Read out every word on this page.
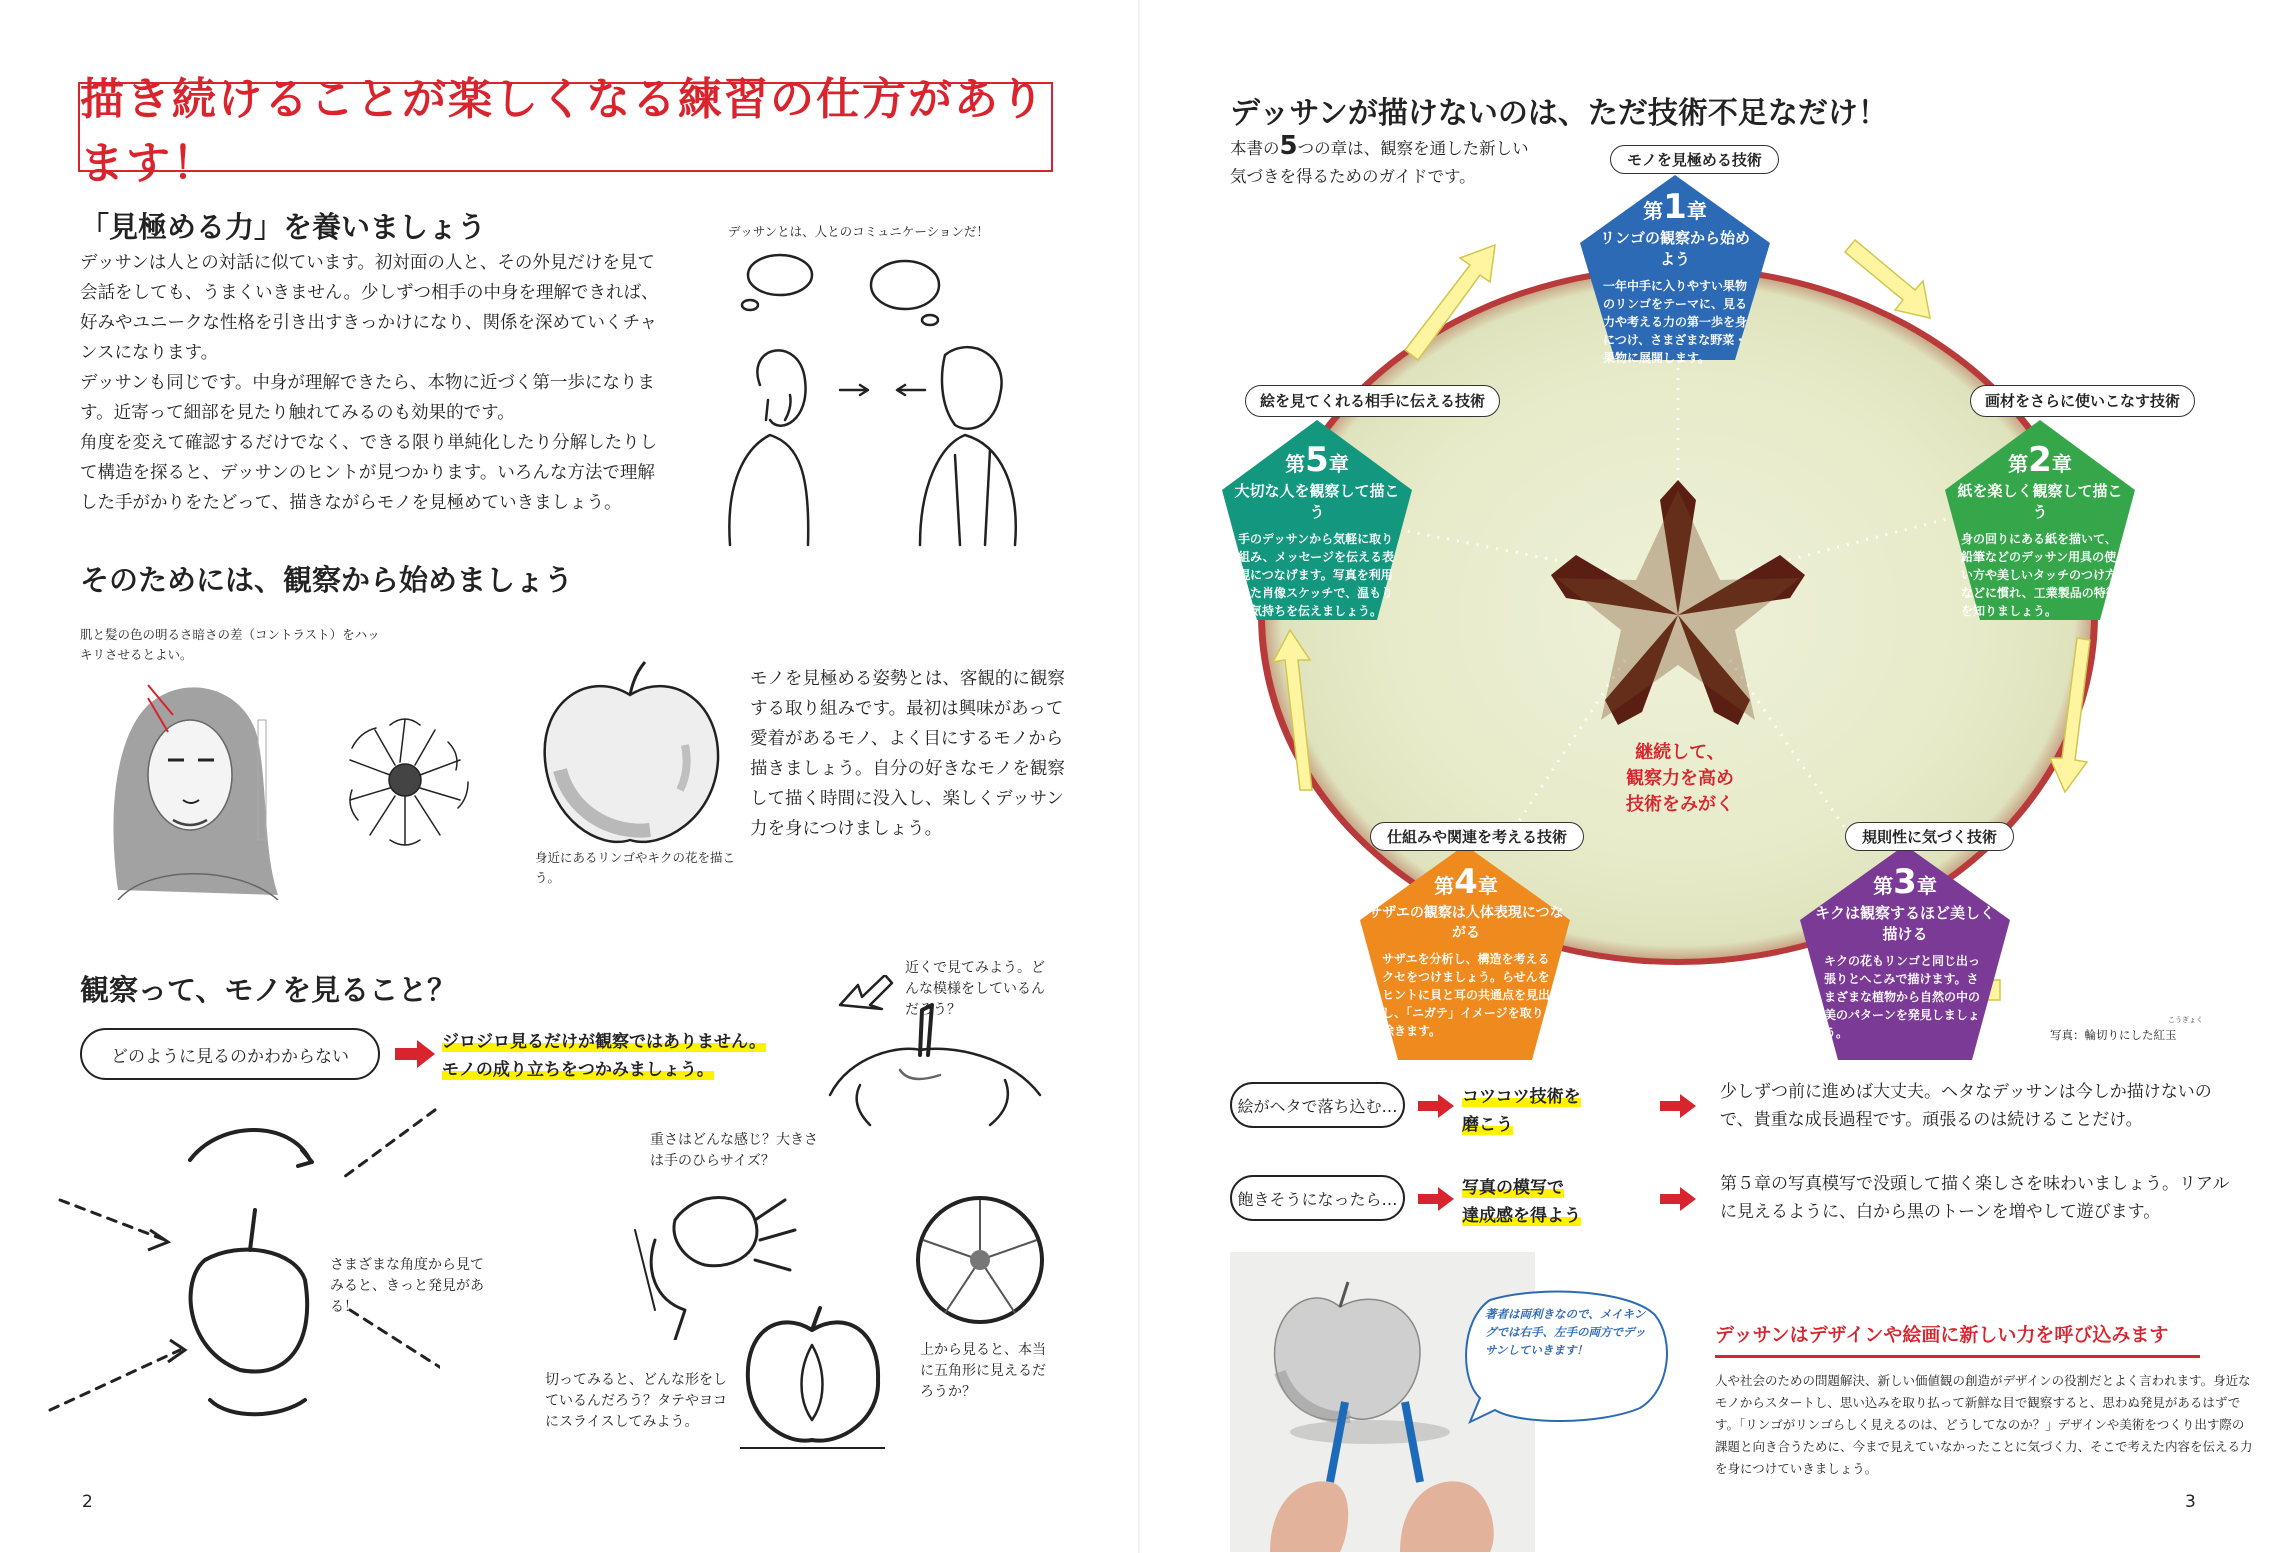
描き続けることが楽しくなる練習の仕方があります！
「見極める力」を養いましょう

デッサンは人との対話に似ています。初対面の人と、その外見だけを見て会話をしても、うまくいきません。少しずつ相手の中身を理解できれば、好みやユニークな性格を引き出すきっかけになり、関係を深めていくチャンスになります。

デッサンも同じです。中身が理解できたら、本物に近づく第一歩になります。近寄って細部を見たり触れてみるのも効果的です。

角度を変えて確認するだけでなく、できる限り単純化したり分解したりして構造を探ると、デッサンのヒントが見つかります。いろんな方法で理解した手がかりをたどって、描きながらモノを見極めていきましょう。

デッサンとは、人とのコミュニケーションだ！
そのためには、観察から始めましょう
肌と髪の色の明るさ暗さの差（コントラスト）をハッキリさせるとよい。
身近にあるリンゴやキクの花を描こう。
モノを見極める姿勢とは、客観的に観察する取り組みです。最初は興味があって愛着があるモノ、よく目にするモノから描きましょう。自分の好きなモノを観察して描く時間に没入し、楽しくデッサン力を身につけましょう。
観察って、モノを見ること？
どのように見るのかわからない
ジロジロ見るだけが観察ではありません。
モノの成り立ちをつかみましょう。
近くで見てみよう。どんな模様をしているんだろう？
さまざまな角度から見てみると、きっと発見がある！
重さはどんな感じ？大きさは手のひらサイズ？
上から見ると、本当に五角形に見えるだろうか？
切ってみると、どんな形をしているんだろう？タテやヨコにスライスしてみよう。
2
デッサンが描けないのは、ただ技術不足なだけ！
本書の5つの章は、観察を通した新しい気づきを得るためのガイドです。
モノを見極める技術
第1章
リンゴの観察から始めよう
一年中手に入りやすい果物のリンゴをテーマに、見る力や考える力の第一歩を身につけ、さまざまな野菜・果物に展開します。
画材をさらに使いこなす技術
第2章
紙を楽しく観察して描こう
身の回りにある紙を描いて、鉛筆などのデッサン用具の使い方や美しいタッチのつけ方などに慣れ、工業製品の特徴を知りましょう。
規則性に気づく技術
第3章
キクは観察するほど美しく描ける
キクの花もリンゴと同じ出っ張りとへこみで描けます。さまざまな植物から自然の中の美のパターンを発見しましょう。
仕組みや関連を考える技術
第4章
サザエの観察は人体表現につながる
サザエを分析し、構造を考えるクセをつけましょう。らせんをヒントに貝と耳の共通点を見出し、「ニガテ」イメージを取り除きます。
絵を見てくれる相手に伝える技術
第5章
大切な人を観察して描こう
手のデッサンから気軽に取り組み、メッセージを伝える表現につなげます。写真を利用した肖像スケッチで、温もりや気持ちを伝えましょう。
継続して、
観察力を高め
技術をみがく
写真：輪切りにした紅玉
こうぎょく
絵がヘタで落ち込む…	コツコツ技術を
磨こう
少しずつ前に進めば大丈夫。ヘタなデッサンは今しか描けないので、貴重な成長過程です。頑張るのは続けることだけ。
飽きそうになったら…
写真の模写で
達成感を得よう
第５章の写真模写で没頭して描く楽しさを味わいましょう。リアルに見えるように、白から黒のトーンを増やして遊びます。
著者は両利きなので、メイキングでは右手、左手の両方でデッサンしていきます！
デッサンはデザインや絵画に新しい力を呼び込みます
人や社会のための問題解決、新しい価値観の創造がデザインの役割だとよく言われます。身近なモノからスタートし、思い込みを取り払って新鮮な目で観察すると、思わぬ発見があるはずです。「リンゴがリンゴらしく見えるのは、どうしてなのか？」デザインや美術をつくり出す際の課題と向き合うために、今まで見えていなかったことに気づく力、そこで考えた内容を伝える力を身につけていきましょう。
3
